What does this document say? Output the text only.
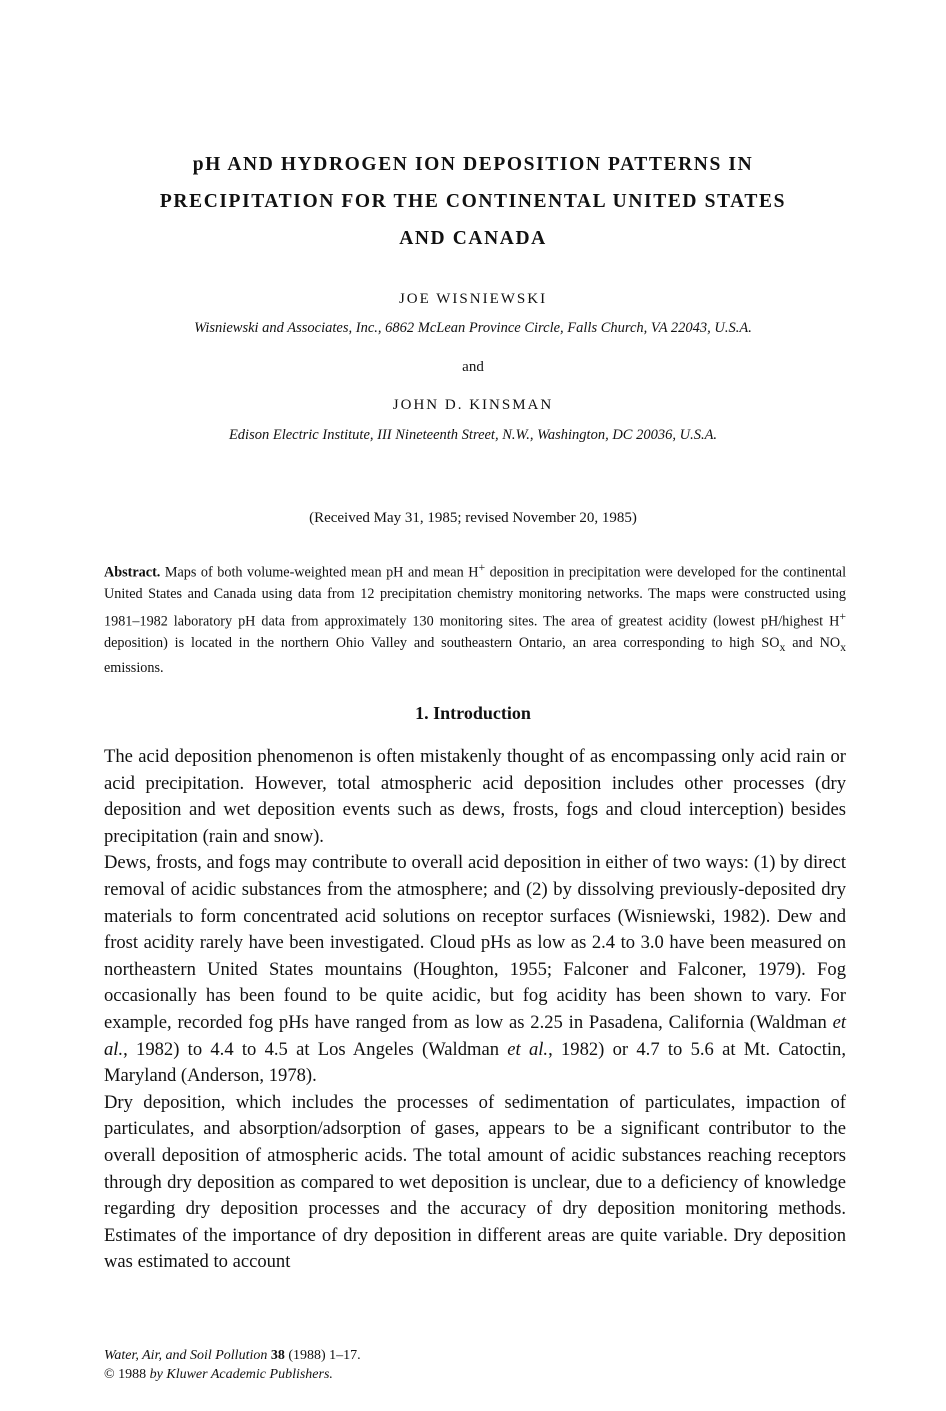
pH AND HYDROGEN ION DEPOSITION PATTERNS IN
PRECIPITATION FOR THE CONTINENTAL UNITED STATES
AND CANADA
JOE WISNIEWSKI
Wisniewski and Associates, Inc., 6862 McLean Province Circle, Falls Church, VA 22043, U.S.A.
and
JOHN D. KINSMAN
Edison Electric Institute, III Nineteenth Street, N.W., Washington, DC 20036, U.S.A.
(Received May 31, 1985; revised November 20, 1985)
Abstract. Maps of both volume-weighted mean pH and mean H+ deposition in precipitation were developed for the continental United States and Canada using data from 12 precipitation chemistry monitoring networks. The maps were constructed using 1981–1982 laboratory pH data from approximately 130 monitoring sites. The area of greatest acidity (lowest pH/highest H+ deposition) is located in the northern Ohio Valley and southeastern Ontario, an area corresponding to high $SO_x$ and $NO_x$ emissions.
1. Introduction

The acid deposition phenomenon is often mistakenly thought of as encompassing only acid rain or acid precipitation. However, total atmospheric acid deposition includes other processes (dry deposition and wet deposition events such as dews, frosts, fogs and cloud interception) besides precipitation (rain and snow).

Dews, frosts, and fogs may contribute to overall acid deposition in either of two ways: (1) by direct removal of acidic substances from the atmosphere; and (2) by dissolving previously-deposited dry materials to form concentrated acid solutions on receptor surfaces (Wisniewski, 1982). Dew and frost acidity rarely have been investigated. Cloud pHs as low as 2.4 to 3.0 have been measured on northeastern United States mountains (Houghton, 1955; Falconer and Falconer, 1979). Fog occasionally has been found to be quite acidic, but fog acidity has been shown to vary. For example, recorded fog pHs have ranged from as low as 2.25 in Pasadena, California (Waldman et al., 1982) to 4.4 to 4.5 at Los Angeles (Waldman et al., 1982) or 4.7 to 5.6 at Mt. Catoctin, Maryland (Anderson, 1978).

Dry deposition, which includes the processes of sedimentation of particulates, impaction of particulates, and absorption/adsorption of gases, appears to be a significant contributor to the overall deposition of atmospheric acids. The total amount of acidic substances reaching receptors through dry deposition as compared to wet deposition is unclear, due to a deficiency of knowledge regarding dry deposition processes and the accuracy of dry deposition monitoring methods. Estimates of the importance of dry deposition in different areas are quite variable. Dry deposition was estimated to account

Water, Air, and Soil Pollution 38 (1988) 1–17.
© 1988 by Kluwer Academic Publishers.
